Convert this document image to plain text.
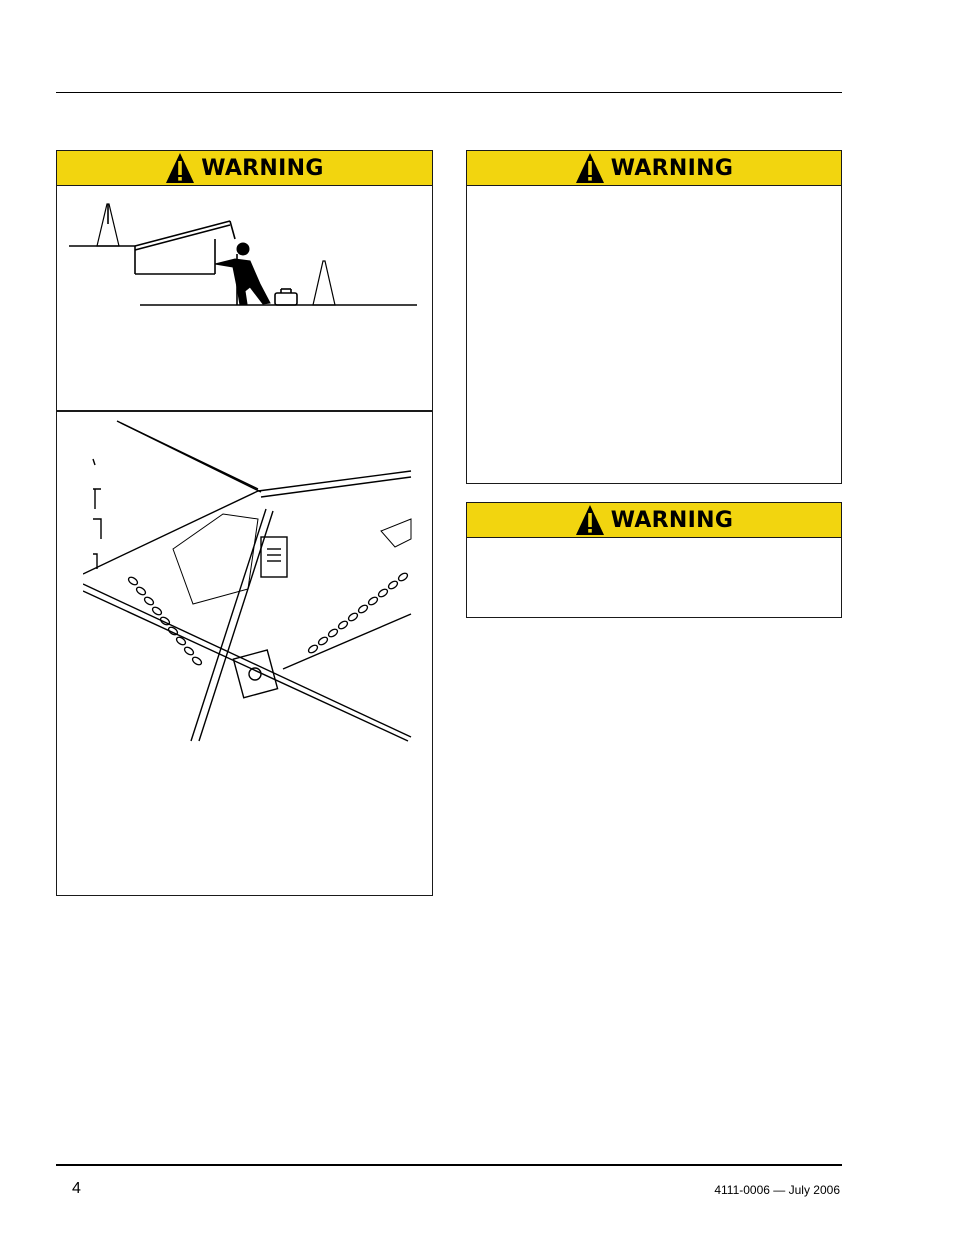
WARNING	WARNING
WARNING
4	4111-0006 — July 2006
